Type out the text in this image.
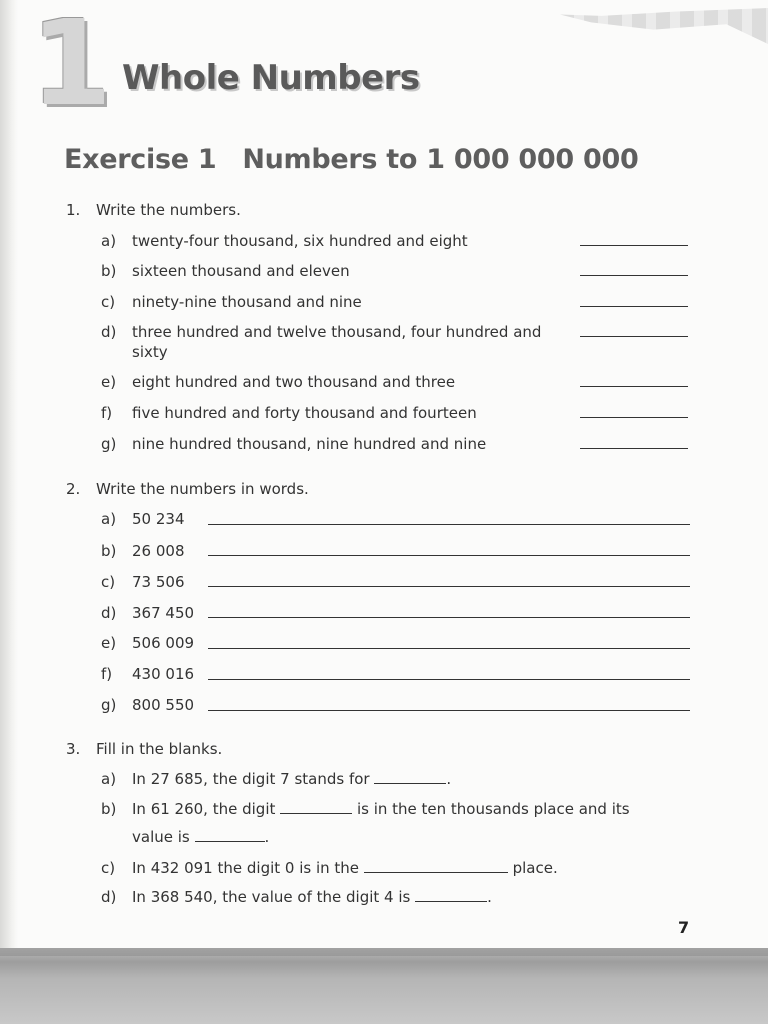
1 Whole Numbers
Exercise 1 Numbers to 1 000 000 000
1. Write the numbers.
a) twenty-four thousand, six hundred and eight
b) sixteen thousand and eleven
c) ninety-nine thousand and nine
d) three hundred and twelve thousand, four hundred and sixty
e) eight hundred and two thousand and three
f) five hundred and forty thousand and fourteen
g) nine hundred thousand, nine hundred and nine
2. Write the numbers in words.
a) 50 234
b) 26 008
c) 73 506
d) 367 450
e) 506 009
f) 430 016
g) 800 550
3. Fill in the blanks.
a) In 27 685, the digit 7 stands for	.
b) In 61 260, the digit	is in the ten thousands place and its
value is	.
c) In 432 091 the digit 0 is in the	place.
d) In 368 540, the value of the digit 4 is	.
7
